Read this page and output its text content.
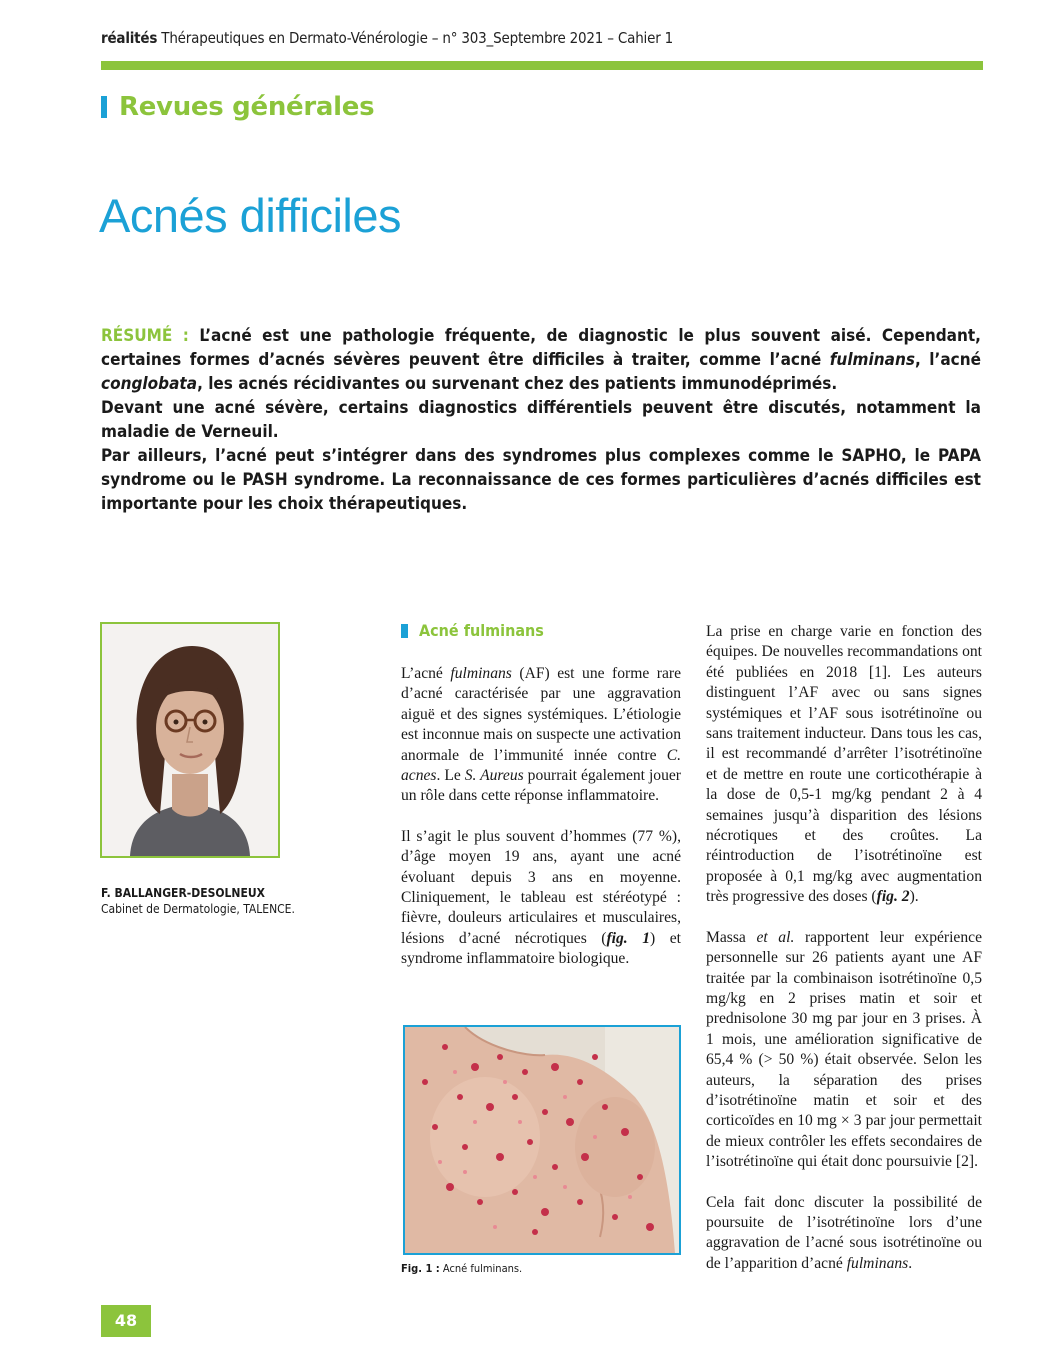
réalités Thérapeutiques en Dermato-Vénérologie – n° 303_Septembre 2021 – Cahier 1
Revues générales
Acnés difficiles

RÉSUMÉ : L’acné est une pathologie fréquente, de diagnostic le plus souvent aisé. Cependant, certaines formes d’acnés sévères peuvent être difficiles à traiter, comme l’acné fulminans, l’acné conglobata, les acnés récidivantes ou survenant chez des patients immunodéprimés.

Devant une acné sévère, certains diagnostics différentiels peuvent être discutés, notamment la maladie de Verneuil.

Par ailleurs, l’acné peut s’intégrer dans des syndromes plus complexes comme le SAPHO, le PAPA syndrome ou le PASH syndrome. La reconnaissance de ces formes particulières d’acnés difficiles est importante pour les choix thérapeutiques.

F. BALLANGER-DESOLNEUX
Cabinet de Dermatologie, TALENCE.
Acné fulminans

L’acné fulminans (AF) est une forme rare d’acné caractérisée par une aggravation aiguë et des signes systémiques. L’étiologie est inconnue mais on suspecte une activation anormale de l’immunité innée contre C. acnes. Le S. Aureus pourrait également jouer un rôle dans cette réponse inflammatoire.

Il s’agit le plus souvent d’hommes (77 %), d’âge moyen 19 ans, ayant une acné évoluant depuis 3 ans en moyenne. Cliniquement, le tableau est stéréotypé : fièvre, douleurs articulaires et musculaires, lésions d’acné nécrotiques (fig. 1) et syndrome inflammatoire biologique.

Fig. 1 : Acné fulminans.

La prise en charge varie en fonction des équipes. De nouvelles recommandations ont été publiées en 2018 [1]. Les auteurs distinguent l’AF avec ou sans signes systémiques et l’AF sous isotrétinoïne ou sans traitement inducteur. Dans tous les cas, il est recommandé d’arrêter l’isotrétinoïne et de mettre en route une corticothérapie à la dose de 0,5-1 mg/kg pendant 2 à 4 semaines jusqu’à disparition des lésions nécrotiques et des croûtes. La réintroduction de l’isotrétinoïne est proposée à 0,1 mg/kg avec augmentation très progressive des doses (fig. 2).

Massa et al. rapportent leur expérience personnelle sur 26 patients ayant une AF traitée par la combinaison isotrétinoïne 0,5 mg/kg en 2 prises matin et soir et prednisolone 30 mg par jour en 3 prises. À 1 mois, une amélioration significative de 65,4 % (> 50 %) était observée. Selon les auteurs, la séparation des prises d’isotrétinoïne matin et soir et des corticoïdes en 10 mg × 3 par jour permettait de mieux contrôler les effets secondaires de l’isotrétinoïne qui était donc poursuivie [2].

Cela fait donc discuter la possibilité de poursuite de l’isotrétinoïne lors d’une aggravation de l’acné sous isotrétinoïne ou de l’apparition d’acné fulminans.

48
